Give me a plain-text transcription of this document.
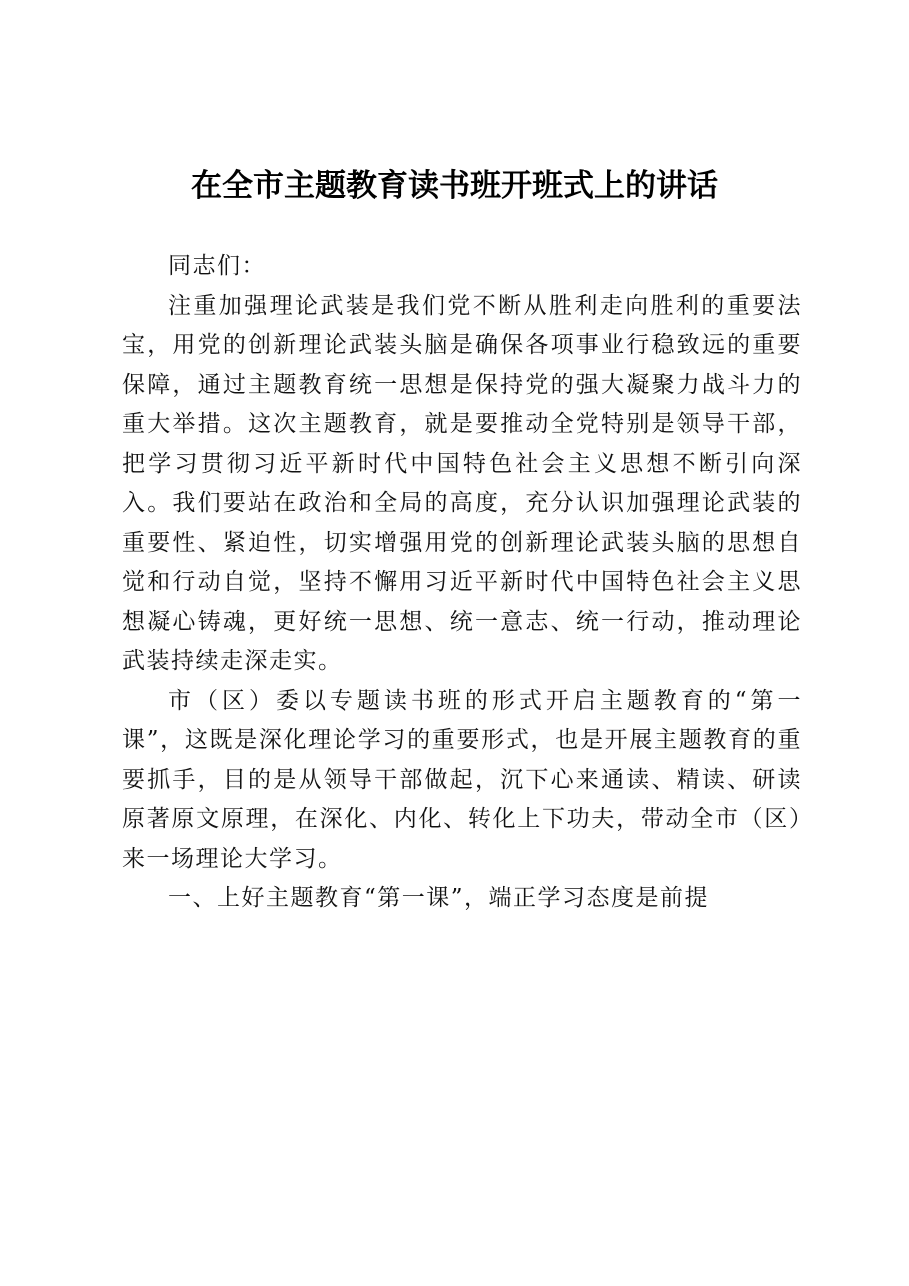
在全市主题教育读书班开班式上的讲话

同志们：

注重加强理论武装是我们党不断从胜利走向胜利的重要法宝，用党的创新理论武装头脑是确保各项事业行稳致远的重要保障，通过主题教育统一思想是保持党的强大凝聚力战斗力的重大举措。这次主题教育，就是要推动全党特别是领导干部，把学习贯彻习近平新时代中国特色社会主义思想不断引向深入。我们要站在政治和全局的高度，充分认识加强理论武装的重要性、紧迫性，切实增强用党的创新理论武装头脑的思想自觉和行动自觉，坚持不懈用习近平新时代中国特色社会主义思想凝心铸魂，更好统一思想、统一意志、统一行动，推动理论武装持续走深走实。

市（区）委以专题读书班的形式开启主题教育的“第一课”，这既是深化理论学习的重要形式，也是开展主题教育的重要抓手，目的是从领导干部做起，沉下心来通读、精读、研读原著原文原理，在深化、内化、转化上下功夫，带动全市（区）来一场理论大学习。

一、上好主题教育“第一课”，端正学习态度是前提
